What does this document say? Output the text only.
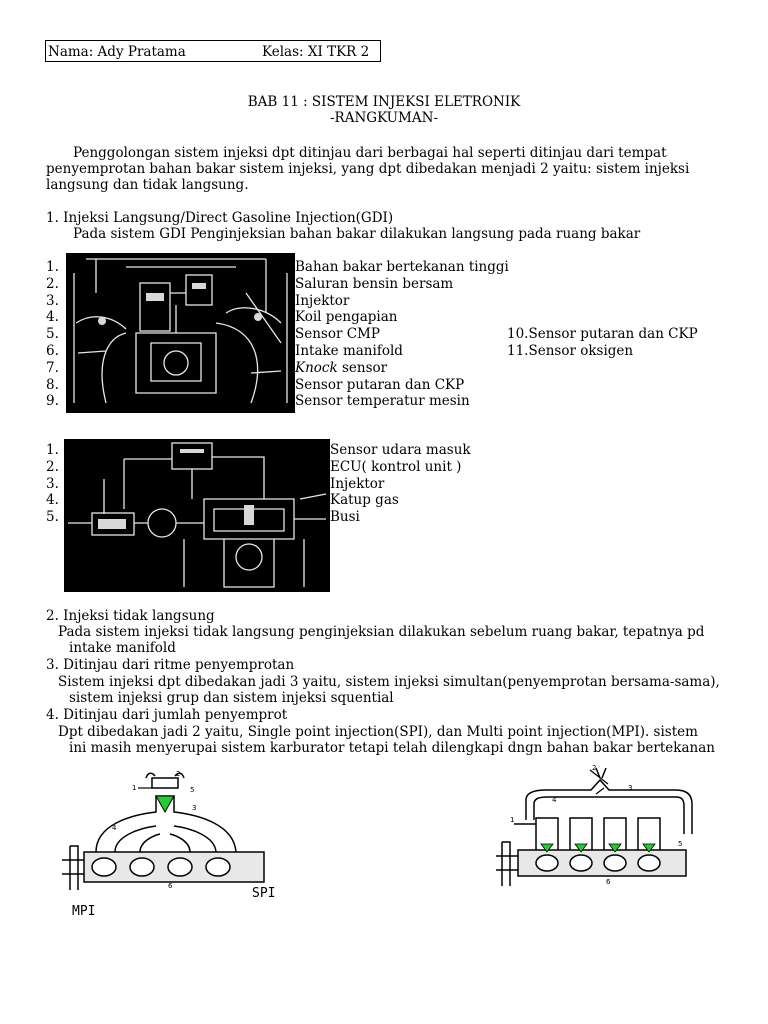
Nama: Ady Pratama	Kelas: XI TKR 2
BAB 11 : SISTEM INJEKSI ELETRONIK
-RANGKUMAN-
Penggolongan sistem injeksi dpt ditinjau dari berbagai hal seperti ditinjau dari tempat
penyemprotan bahan bakar sistem injeksi, yang dpt dibedakan menjadi 2 yaitu: sistem injeksi
langsung dan tidak langsung.
1. Injeksi Langsung/Direct Gasoline Injection(GDI)
Pada sistem GDI Penginjeksian bahan bakar dilakukan langsung pada ruang bakar
1.
2.
3.
4.
5.
6.
7.
8.
9.
Bahan bakar bertekanan tinggi
Saluran bensin bersam
Injektor
Koil pengapian
Sensor CMP
Intake manifold
Knock sensor
Sensor putaran dan CKP
Sensor temperatur mesin
10.Sensor putaran dan CKP
11.Sensor oksigen
1.
2.
3.
4.
5.
Sensor udara masuk
ECU( kontrol unit )
Injektor
Katup gas
Busi
2. Injeksi tidak langsung
Pada sistem injeksi tidak langsung penginjeksian dilakukan sebelum ruang bakar, tepatnya pd
intake manifold
3. Ditinjau dari ritme penyemprotan
Sistem injeksi dpt dibedakan jadi 3 yaitu, sistem injeksi simultan(penyemprotan bersama-sama),
sistem injeksi grup dan sistem injeksi squential
4. Ditinjau dari jumlah penyemprot
Dpt dibedakan jadi 2 yaitu, Single point injection(SPI), dan Multi point injection(MPI). sistem
ini masih menyerupai sistem karburator tetapi telah dilengkapi dngn bahan bakar bertekanan
1
2
3
4
5
6
1
2
3
4
5
6
SPI
MPI
